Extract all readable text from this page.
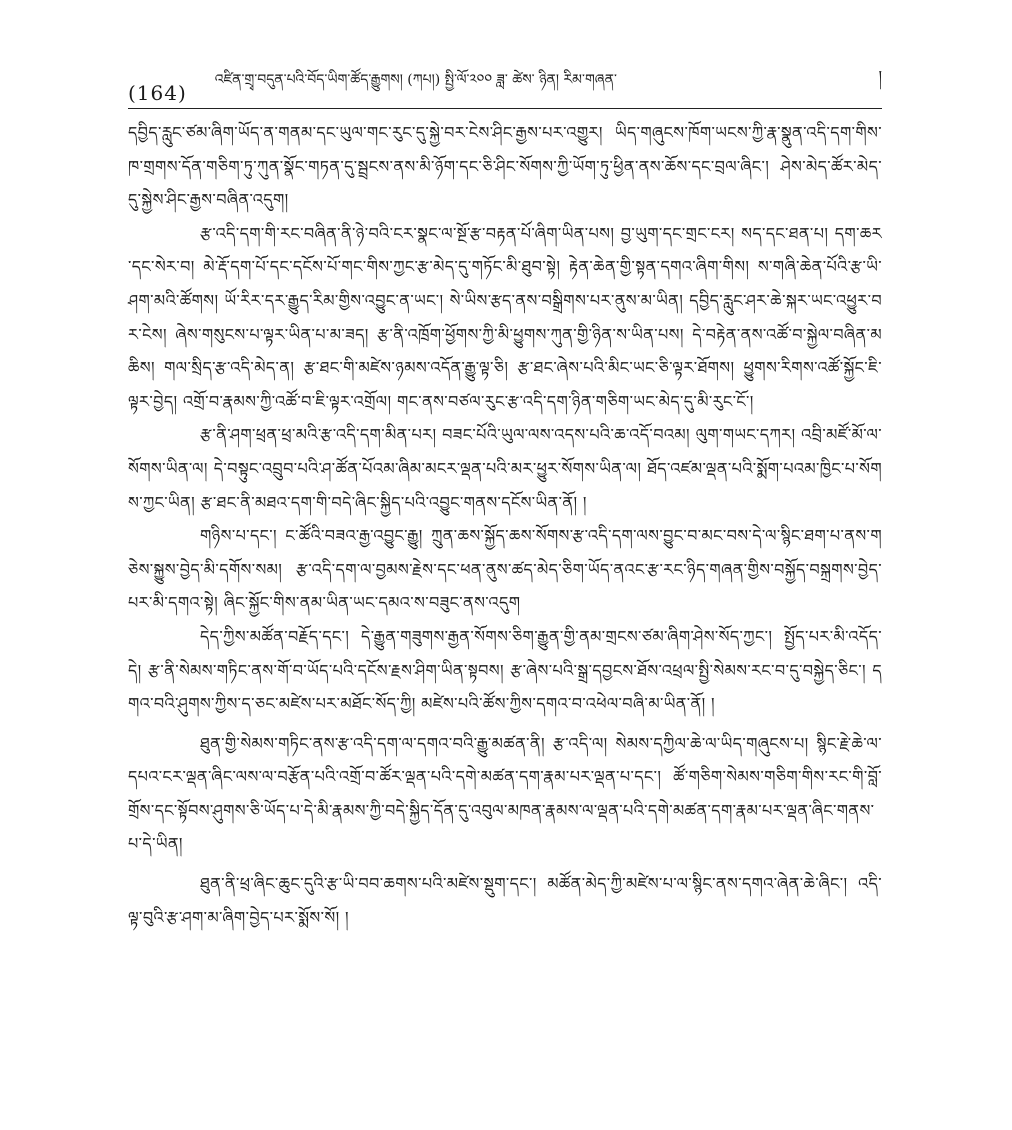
(164)
འཛིན་གྲྭ་བདུན་པའི་བོད་ཡིག་ཚོད་རྒྱུགས། (ཀཔ།) སྤྱི་ལོ་༢༠༠ ཟླ་ ཚེས་ ཉིན། རིམ་གཞན་	།

དབྱིད་རླུང་ཙམ་ཞིག་ཡོད་ན་གནམ་དང་ཡུལ་གང་རུང་དུ་སྐྱེ་བར་ངེས་ཤིང་རྒྱས་པར་འགྱུར། ཡིད་གཞུངས་ཁོག་ཡངས་ཀྱི་རྣ་སྣུན་འདི་དག་གིས་ཁ་གྲགས་དོན་གཅིག་ཏུ་ཀུན་སྣོང་གཏན་དུ་སྦྲངས་ནས་མི་ཉོག་དང་ཅི་ཤིང་སོགས་ཀྱི་ཡོག་ཏུ་ཕྱིན་ནས་ཆོས་དང་བྲལ་ཞིང་། ཤེས་མེད་ཚོར་མེད་དུ་སྐྱེས་ཤིང་རྒྱས་བཞིན་འདུག།

རྩ་འདི་དག་གི་རང་བཞིན་ནི་ཉེ་བའི་ངར་སྣང་ལ་སྔོ་རྩ་བརྟན་པོ་ཞིག་ཡིན་པས། བྱ་ཡུག་དང་གྲང་ངར། སད་དང་ཐན་པ། དག་ཆར་དང་སེར་བ། མེ་རྡོ་དག་པོ་དང་དངོས་པོ་གང་གིས་ཀྱང་རྩ་མེད་དུ་གཏོང་མི་ཐུབ་སྟེ། རྟེན་ཆེན་གྱི་སྟན་དགའ་ཞིག་གིས། ས་གཞི་ཆེན་པོའི་རྩ་ཡི་ཤག་མའི་ཚོགས། ཡོ་རིར་དར་རྒྱུད་རིམ་གྱིས་འབྱུང་ན་ཡང་། སེ་ཡིས་རྩད་ནས་བསྒྲིགས་པར་ནུས་མ་ཡིན། དབྱིད་རླུང་ཤར་ཆེ་སྐར་ཡང་འཕྱུར་བར་ངེས། ཞེས་གསུངས་པ་ལྟར་ཡིན་པ་མ་ཟད། རྩ་ནི་འཁྲོག་ཕྱོགས་ཀྱི་མི་ཕྱུགས་ཀུན་གྱི་ཉིན་ས་ཡིན་པས། དེ་བརྟེན་ནས་འཚོ་བ་སྐྱེལ་བཞིན་མཆིས། གལ་སྲིད་རྩ་འདི་མེད་ན། རྩ་ཐང་གི་མཛེས་ཉམས་འདོན་རྒྱུ་ལྟ་ཅི། རྩ་ཐང་ཞེས་པའི་མིང་ཡང་ཅི་ལྟར་ཐོགས། ཕྱུགས་རིགས་འཚོ་སྐྱོང་ཇི་ལྟར་བྱེད། འགྲོ་བ་རྣམས་ཀྱི་འཚོ་བ་ཇི་ལྟར་འགྲོལ། གང་ནས་བཙལ་རུང་རྩ་འདི་དག་ཉིན་གཅིག་ཡང་མེད་དུ་མི་རུང་ངོ་།

རྩ་ནི་ཤག་ཕྲན་ཕྲ་མའི་རྩ་འདི་དག་མིན་པར། བཟང་པོའི་ཡུལ་ལས་འདས་པའི་ཆ་འདོ་བའམ། ལུག་གཡང་དཀར། འབྲི་མཛོ་མོ་ལ་སོགས་ཡིན་ལ། དེ་བསྟུང་འབྲུབ་པའི་ཤ་ཚོན་པོའམ་ཞིམ་མངར་ལྡན་པའི་མར་ཕྱུར་སོགས་ཡིན་ལ། ཐོད་འཛམ་ལྡན་པའི་སྨོག་པའམ་ཁྱིང་པ་སོགས་ཀྱང་ཡིན། རྩ་ཐང་ནི་མཐའ་དག་གི་བདེ་ཞིང་སྐྱིད་པའི་འབྱུང་གནས་དངོས་ཡིན་ནོ། །

གཉིས་པ་དང་། ང་ཚོའི་བཟའ་རྒྱ་འབྱུང་རྒྱུ། ཀྲུན་ཆས་སྐྱོད་ཆས་སོགས་རྩ་འདི་དག་ལས་བྱུང་བ་མང་བས་དེ་ལ་སྙིང་ཐག་པ་ནས་གཅེས་སྐྱུས་བྱེད་མི་དགོས་སམ། རྩ་འདི་དག་ལ་བྱམས་རྗེས་དང་ཕན་ནུས་ཚད་མེད་ཅིག་ཡོད་ནའང་རྩ་རང་ཉིད་གཞན་གྱིས་བསྐྱོད་བསྐྲགས་བྱེད་པར་མི་དགའ་སྟེ། ཞིང་སྐྱོང་གིས་ནམ་ཡིན་ཡང་དམའ་ས་བཟུང་ནས་འདུག

དེད་ཀྱིས་མཚོན་བརྗོད་དང་། དེ་རྒྱུན་གཟུགས་རྒྱན་སོགས་ཅིག་རྒྱུན་གྱི་ནམ་གྲངས་ཙམ་ཞིག་ཤེས་སོད་ཀྱང་། སྤྱོད་པར་མི་འདོད་དེ། རྩ་ནི་སེམས་གཏིང་ནས་གོ་བ་ཡོད་པའི་དངོས་རྗས་ཤིག་ཡིན་སྟབས། རྩ་ཞེས་པའི་སྒྲ་དབྱངས་ཐོས་འཕྲལ་སྤྱི་སེམས་རང་བ་དུ་བསྐྱེད་ཅིང་། དགའ་བའི་ཤུགས་ཀྱིས་ད་ཅང་མཛེས་པར་མཐོང་སོད་ཀྱི། མཛེས་པའི་ཚོས་ཀྱིས་དགའ་བ་འཕེལ་བཞི་མ་ཡིན་ནོ། །

ཐུན་གྱི་སེམས་གཏིང་ནས་རྩ་འདི་དག་ལ་དགའ་བའི་རྒྱུ་མཚན་ནི། རྩ་འདི་ལ། སེམས་དཀྱིལ་ཆེ་ལ་ཡིད་གཞུངས་པ། སྙིང་རྗེ་ཆེ་ལ་དཔའ་ངར་ལྡན་ཞིང་ལས་ལ་བརྩོན་པའི་འགྲོ་བ་ཚོར་ལྡན་པའི་དགེ་མཚན་དག་རྣམ་པར་ལྡན་པ་དང་། ཚོ་གཅིག་སེམས་གཅིག་གིས་རང་གི་བློ་གྲོས་དང་སྟོབས་ཤུགས་ཅི་ཡོད་པ་དེ་མི་རྣམས་ཀྱི་བདེ་སྐྱིད་དོན་དུ་འབུལ་མཁན་རྣམས་ལ་ལྡན་པའི་དགེ་མཚན་དག་རྣམ་པར་ལྡན་ཞིང་གནས་པ་དེ་ཡིན།

ཐུན་ནི་ཕྲ་ཞིང་ཆུང་དུའི་རྩ་ཡི་བབ་ཆགས་པའི་མཛེས་སྡུག་དང་། མཚོན་མེད་ཀྱི་མཛེས་པ་ལ་སྙིང་ནས་དགའ་ཞེན་ཆེ་ཞིང་། འདི་ལྟ་བུའི་རྩ་ཤག་མ་ཞིག་བྱེད་པར་སྨོས་སོ། །
